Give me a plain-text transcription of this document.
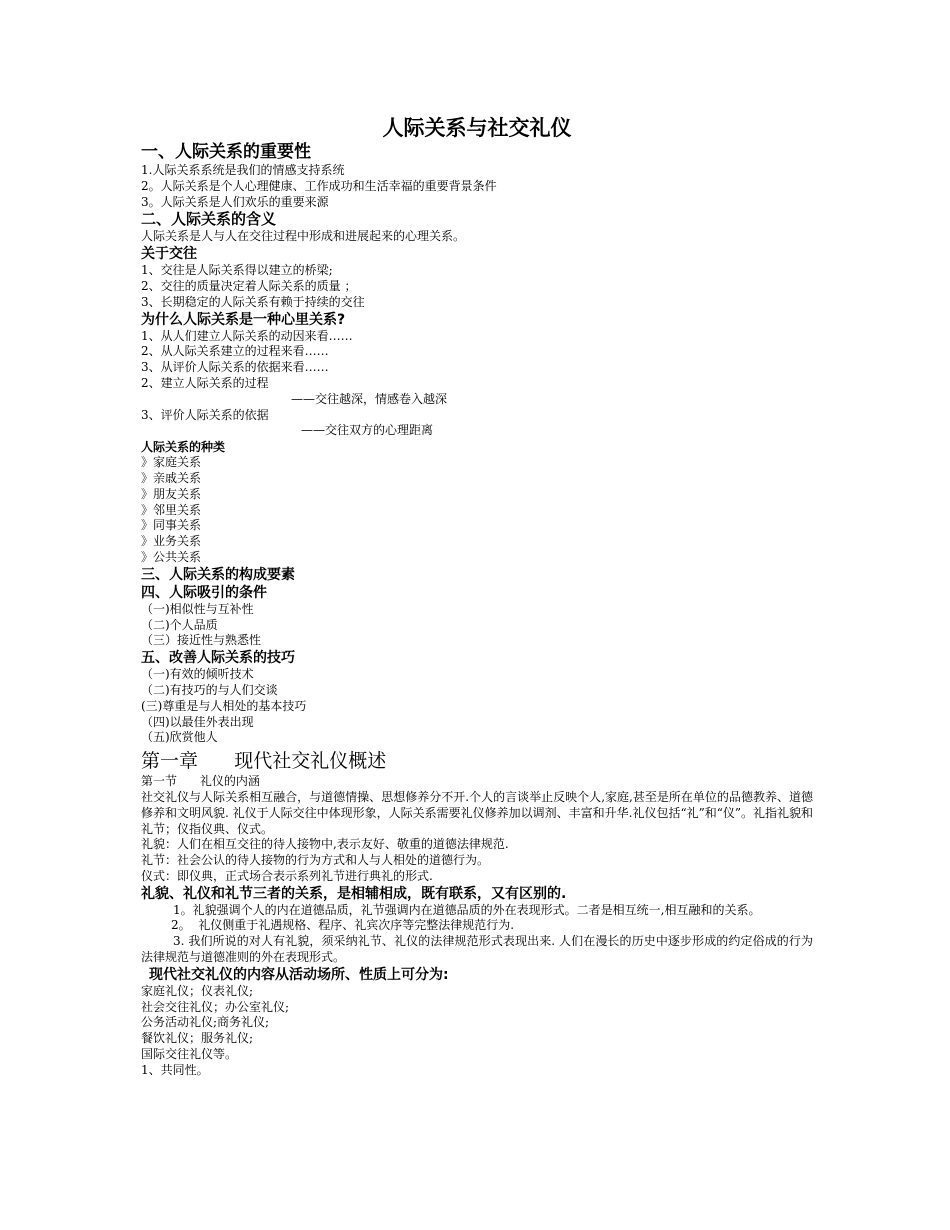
人际关系与社交礼仪
一、人际关系的重要性
1.人际关系系统是我们的情感支持系统
2。人际关系是个人心理健康、工作成功和生活幸福的重要背景条件
3。人际关系是人们欢乐的重要来源
二、人际关系的含义
人际关系是人与人在交往过程中形成和进展起来的心理关系。
关于交往
1、交往是人际关系得以建立的桥梁;
2、交往的质量决定着人际关系的质量 ；
3、长期稳定的人际关系有赖于持续的交往
为什么人际关系是一种心里关系?
1、从人们建立人际关系的动因来看……
2、从人际关系建立的过程来看……
3、从评价人际关系的依据来看……
2、建立人际关系的过程
——交往越深，情感卷入越深
3、评价人际关系的依据
——交往双方的心理距离
人际关系的种类
》家庭关系
》亲戚关系
》朋友关系
》邻里关系
》同事关系
》业务关系
》公共关系
三、人际关系的构成要素
四、人际吸引的条件
（一)相似性与互补性
（二)个人品质
（三）接近性与熟悉性
五、改善人际关系的技巧
（一)有效的倾听技术
（二)有技巧的与人们交谈
(三)尊重是与人相处的基本技巧
（四)以最佳外表出现
（五)欣赏他人
第一章      现代社交礼仪概述
第一节      礼仪的内涵
社交礼仪与人际关系相互融合，与道德情操、思想修养分不开.个人的言谈举止反映个人,家庭,甚至是所在单位的品德教养、道德修养和文明风貌. 礼仪于人际交往中体现形象，人际关系需要礼仪修养加以调剂、丰富和升华.礼仪包括“礼”和“仪”。礼指礼貌和礼节；仪指仪典、仪式。
礼貌：人们在相互交往的待人接物中,表示友好、敬重的道德法律规范.
礼节：社会公认的待人接物的行为方式和人与人相处的道德行为。
仪式：即仪典，正式场合表示系列礼节进行典礼的形式.
礼貌、礼仪和礼节三者的关系，是相辅相成，既有联系，又有区别的.
1。礼貌强调个人的内在道德品质，礼节强调内在道德品质的外在表现形式。二者是相互统一,相互融和的关系。
2。  礼仪侧重于礼遇规格、程序、礼宾次序等完整法律规范行为.
3. 我们所说的对人有礼貌，须采纳礼节、礼仪的法律规范形式表现出来. 人们在漫长的历史中逐步形成的约定俗成的行为法律规范与道德准则的外在表现形式。
现代社交礼仪的内容从活动场所、性质上可分为:
家庭礼仪；仪表礼仪;
社会交往礼仪；办公室礼仪;
公务活动礼仪;商务礼仪;
餐饮礼仪；服务礼仪;
国际交往礼仪等。
1、共同性。
